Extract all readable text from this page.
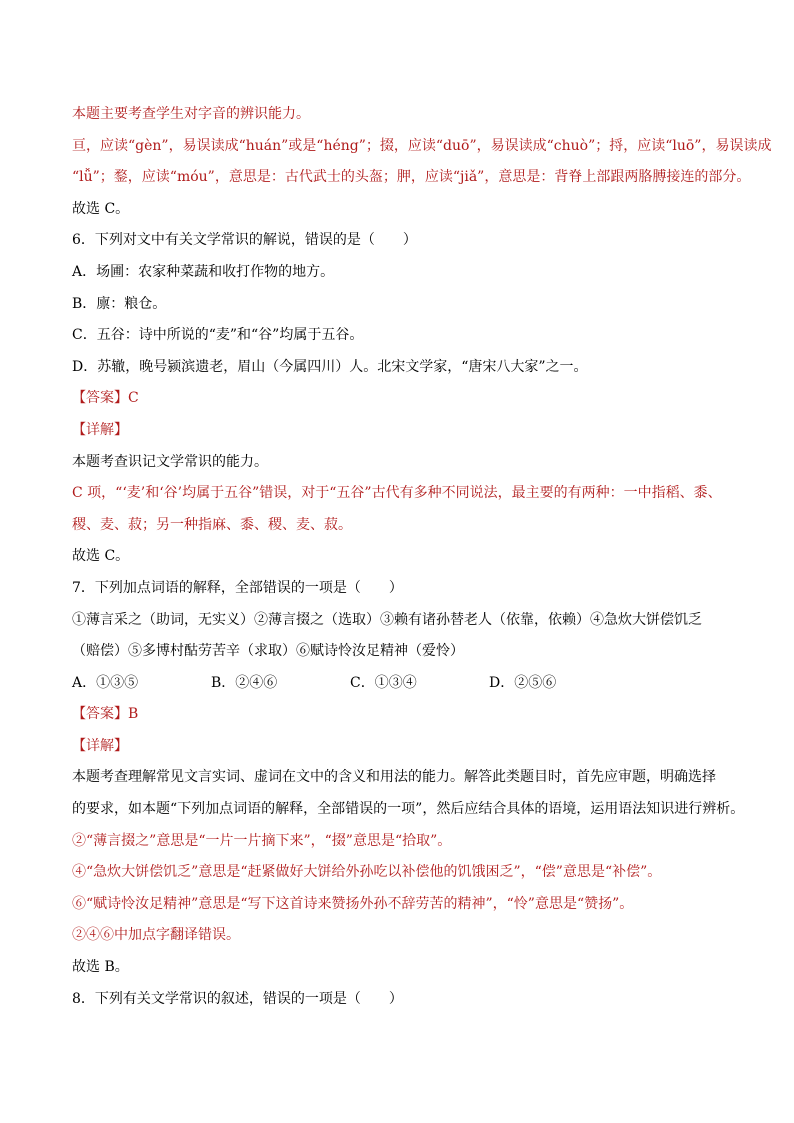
本题主要考查学生对字音的辨识能力。
亘，应读“gèn”，易误读成“huán”或是“héng”；掇，应读“duō”，易误读成“chuò”；捋，应读“luō”，易误读成
“lǚ”；鍪，应读“móu”，意思是：古代武士的头盔；胛，应读“jiǎ”，意思是：背脊上部跟两胳膊接连的部分。
故选 C。
6．下列对文中有关文学常识的解说，错误的是（　　）
A．场圃：农家种菜蔬和收打作物的地方。
B．廪：粮仓。
C．五谷：诗中所说的“麦”和“谷”均属于五谷。
D．苏辙，晚号颍滨遗老，眉山（今属四川）人。北宋文学家，“唐宋八大家”之一。
【答案】C
【详解】
本题考查识记文学常识的能力。
C 项，“‘麦’和‘谷’均属于五谷”错误，对于“五谷”古代有多种不同说法，最主要的有两种：一中指稻、黍、
稷、麦、菽；另一种指麻、黍、稷、麦、菽。
故选 C。
7．下列加点词语的解释，全部错误的一项是（　　）
①薄言采之（助词，无实义）②薄言掇之（选取）③赖有诸孙替老人（依靠，依赖）④急炊大饼偿饥乏
（赔偿）⑤多博村酤劳苦辛（求取）⑥赋诗怜汝足精神（爱怜）
A．①③⑤	B．②④⑥	C．①③④	D．②⑤⑥
【答案】B
【详解】
本题考查理解常见文言实词、虚词在文中的含义和用法的能力。解答此类题目时，首先应审题，明确选择
的要求，如本题“下列加点词语的解释，全部错误的一项”，然后应结合具体的语境，运用语法知识进行辨析。
②“薄言掇之”意思是“一片一片摘下来”，“掇”意思是“拾取”。
④“急炊大饼偿饥乏”意思是“赶紧做好大饼给外孙吃以补偿他的饥饿困乏”，“偿”意思是“补偿”。
⑥“赋诗怜汝足精神”意思是“写下这首诗来赞扬外孙不辞劳苦的精神”，“怜”意思是“赞扬”。
②④⑥中加点字翻译错误。
故选 B。
8．下列有关文学常识的叙述，错误的一项是（　　）
